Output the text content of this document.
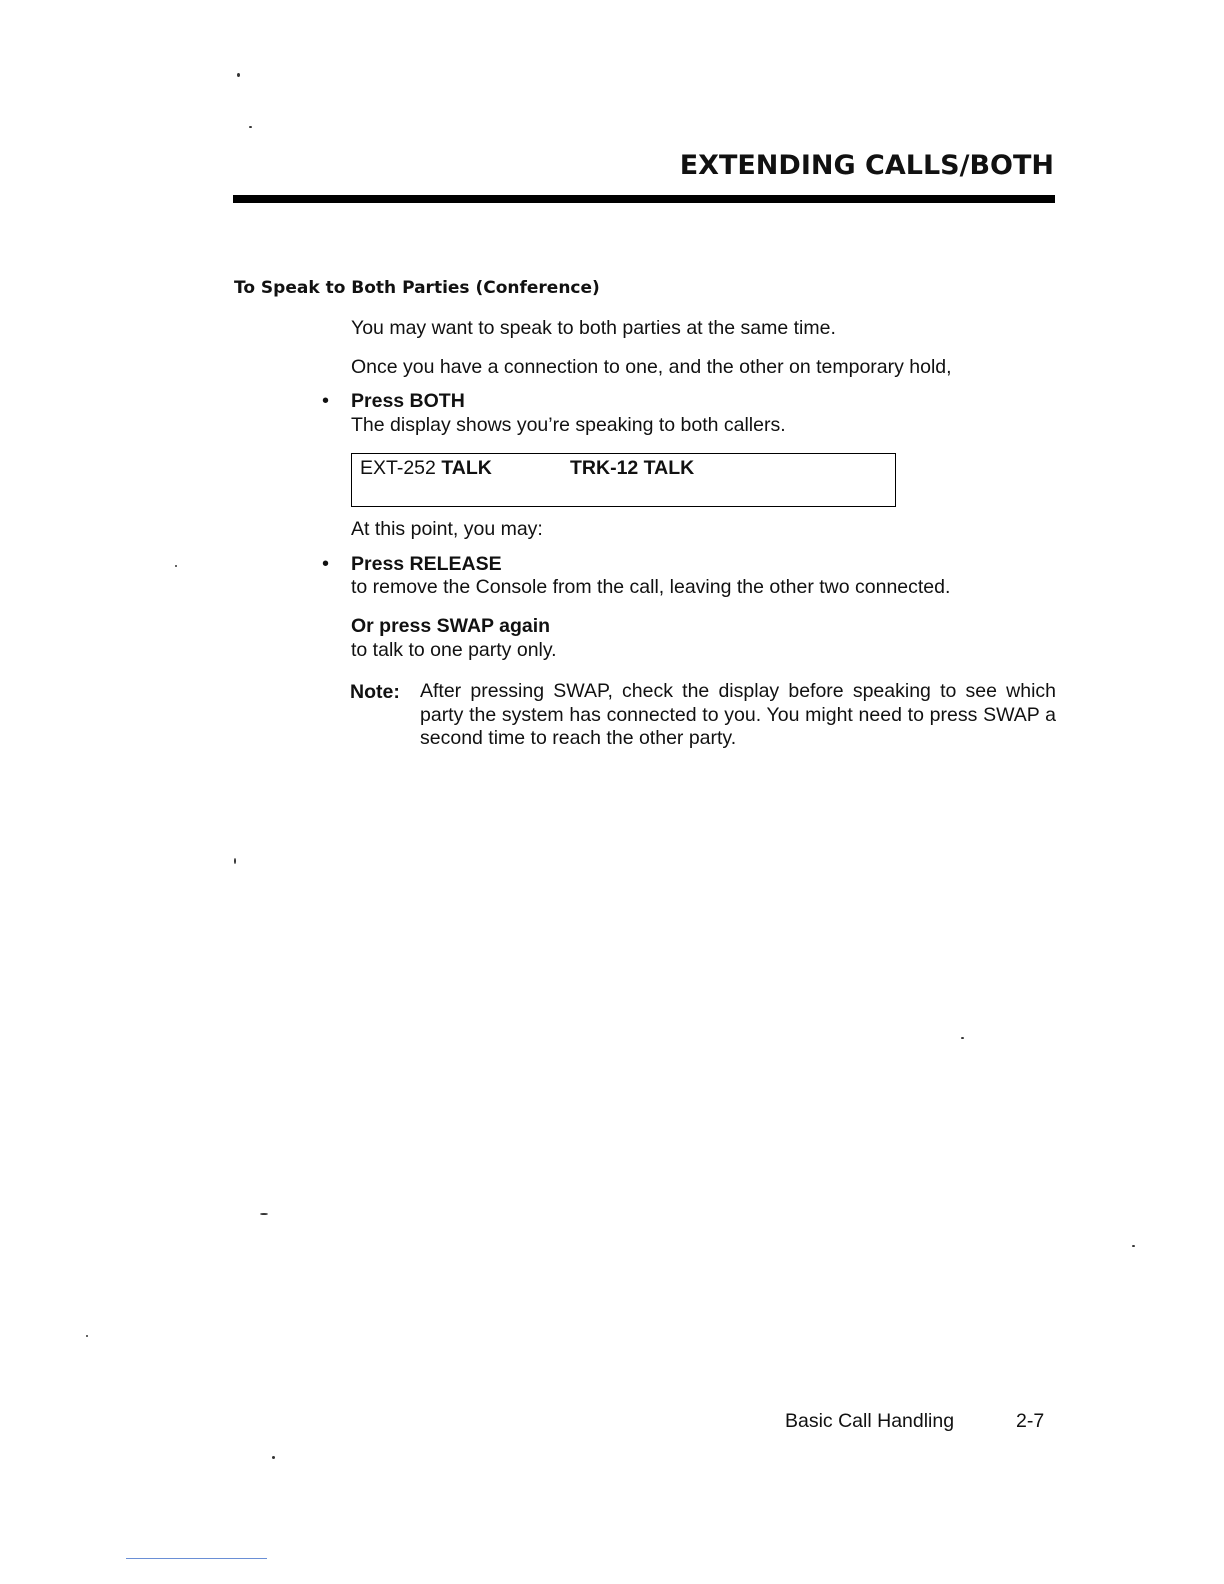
EXTENDING CALLS/BOTH
To Speak to Both Parties (Conference)
You may want to speak to both parties at the same time.
Once you have a connection to one, and the other on temporary hold,
• Press BOTH
The display shows you’re speaking to both callers.
EXT-252 TALK	TRK-12 TALK
At this point, you may:
• Press RELEASE
to remove the Console from the call, leaving the other two connected.
Or press SWAP again
to talk to one party only.
Note: After pressing SWAP, check the display before speaking to see which party the system has connected to you. You might need to press SWAP a second time to reach the other party.
Basic Call Handling	2-7
